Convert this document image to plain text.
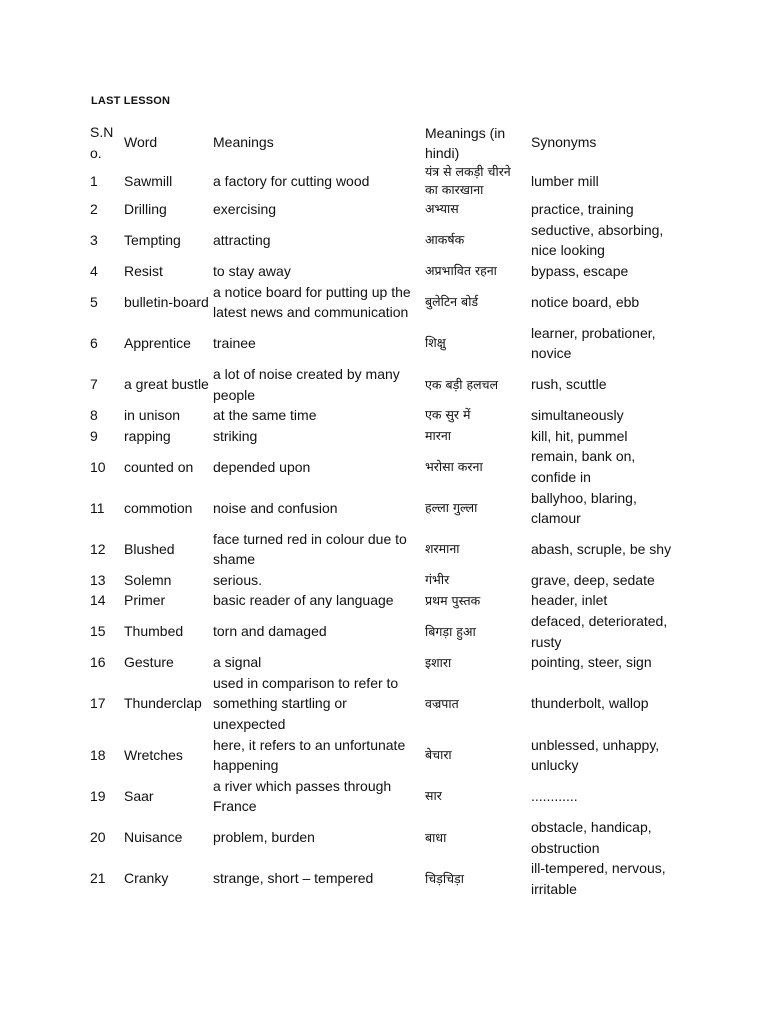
LAST LESSON
S.No.	Word	Meanings	Meanings (in hindi)	Synonyms
1	Sawmill	a factory for cutting wood	यंत्र से लकड़ी चीरने का कारखाना	lumber mill
2	Drilling	exercising	अभ्यास	practice, training
3	Tempting	attracting	आकर्षक	seductive, absorbing, nice looking
4	Resist	to stay away	अप्रभावित रहना	bypass, escape
5	bulletin-board	a notice board for putting up the latest news and communication	बुलेटिन बोर्ड	notice board, ebb
6	Apprentice	trainee	शिक्षु	learner, probationer, novice
7	a great bustle	a lot of noise created by many people	एक बड़ी हलचल	rush, scuttle
8	in unison	at the same time	एक सुर में	simultaneously
9	rapping	striking	मारना	kill, hit, pummel
10	counted on	depended upon	भरोसा करना	remain, bank on, confide in
11	commotion	noise and confusion	हल्ला गुल्ला	ballyhoo, blaring, clamour
12	Blushed	face turned red in colour due to shame	शरमाना	abash, scruple, be shy
13	Solemn	serious.	गंभीर	grave, deep, sedate
14	Primer	basic reader of any language	प्रथम पुस्तक	header, inlet
15	Thumbed	torn and damaged	बिगड़ा हुआ	defaced, deteriorated, rusty
16	Gesture	a signal	इशारा	pointing, steer, sign
17	Thunderclap	used in comparison to refer to something startling or unexpected	वज्रपात	thunderbolt, wallop
18	Wretches	here, it refers to an unfortunate happening	बेचारा	unblessed, unhappy, unlucky
19	Saar	a river which passes through France	सार	............
20	Nuisance	problem, burden	बाधा	obstacle, handicap, obstruction
21	Cranky	strange, short – tempered	चिड़चिड़ा	ill-tempered, nervous, irritable
